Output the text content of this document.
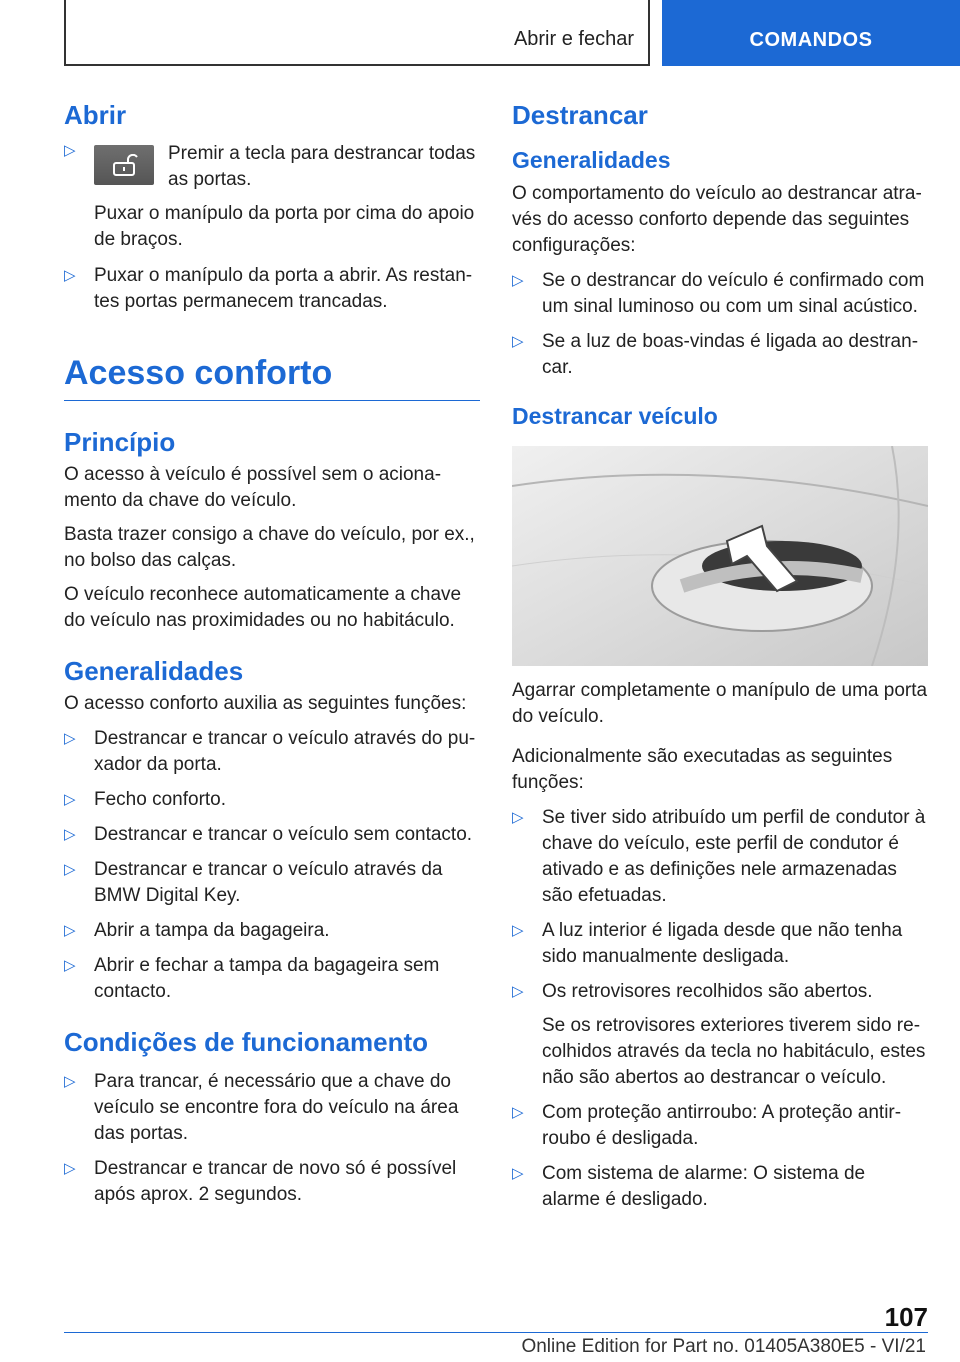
Abrir e fechar	COMANDOS
Abrir
▷	Premir a tecla para destrancar todas as portas.

Puxar o manípulo da porta por cima do apoio de braços.

▷ Puxar o manípulo da porta a abrir. As restantes portas permanecem trancadas.
Acesso conforto
Princípio

O acesso à veículo é possível sem o acionamento da chave do veículo.

Basta trazer consigo a chave do veículo, por ex., no bolso das calças.

O veículo reconhece automaticamente a chave do veículo nas proximidades ou no habitáculo.

Generalidades

O acesso conforto auxilia as seguintes funções:

▷ Destrancar e trancar o veículo através do puxador da porta.
▷ Fecho conforto.
▷ Destrancar e trancar o veículo sem contacto.
▷ Destrancar e trancar o veículo através da BMW Digital Key.
▷ Abrir a tampa da bagageira.
▷ Abrir e fechar a tampa da bagageira sem contacto.
Condições de funcionamento
▷ Para trancar, é necessário que a chave do veículo se encontre fora do veículo na área das portas.
▷ Destrancar e trancar de novo só é possível após aprox. 2 segundos.
Destrancar
Generalidades

O comportamento do veículo ao destrancar através do acesso conforto depende das seguintes configurações:

▷ Se o destrancar do veículo é confirmado com um sinal luminoso ou com um sinal acústico.
▷ Se a luz de boas-vindas é ligada ao destrancar.
Destrancar veículo

Agarrar completamente o manípulo de uma porta do veículo.

Adicionalmente são executadas as seguintes funções:

▷ Se tiver sido atribuído um perfil de condutor à chave do veículo, este perfil de condutor é ativado e as definições nele armazenadas são efetuadas.
▷ A luz interior é ligada desde que não tenha sido manualmente desligada.
▷ Os retrovisores recolhidos são abertos.

Se os retrovisores exteriores tiverem sido recolhidos através da tecla no habitáculo, estes não são abertos ao destrancar o veículo.

▷ Com proteção antirroubo: A proteção antirroubo é desligada.
▷ Com sistema de alarme: O sistema de alarme é desligado.
107
Online Edition for Part no. 01405A380E5 - VI/21
